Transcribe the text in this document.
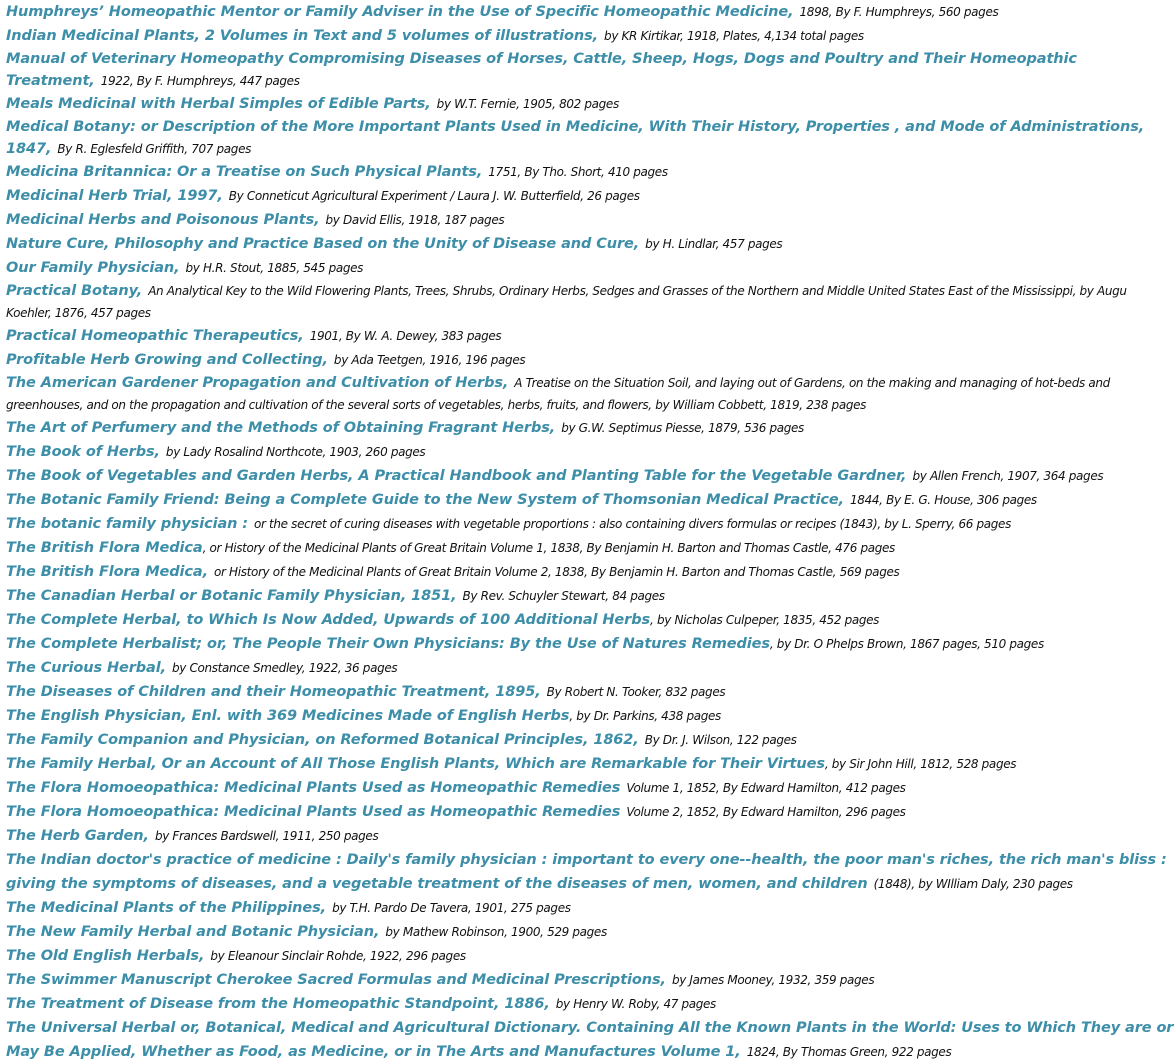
Humphreys’ Homeopathic Mentor or Family Adviser in the Use of Specific Homeopathic Medicine, 1898, By F. Humphreys, 560 pages
Indian Medicinal Plants, 2 Volumes in Text and 5 volumes of illustrations, by KR Kirtikar, 1918, Plates, 4,134 total pages
Manual of Veterinary Homeopathy Compromising Diseases of Horses, Cattle, Sheep, Hogs, Dogs and Poultry and Their Homeopathic Treatment, 1922, By F. Humphreys, 447 pages
Meals Medicinal with Herbal Simples of Edible Parts, by W.T. Fernie, 1905, 802 pages
Medical Botany: or Description of the More Important Plants Used in Medicine, With Their History, Properties , and Mode of Administrations, 1847, By R. Eglesfeld Griffith, 707 pages
Medicina Britannica: Or a Treatise on Such Physical Plants, 1751, By Tho. Short, 410 pages
Medicinal Herb Trial, 1997, By Conneticut Agricultural Experiment / Laura J. W. Butterfield, 26 pages
Medicinal Herbs and Poisonous Plants, by David Ellis, 1918, 187 pages
Nature Cure, Philosophy and Practice Based on the Unity of Disease and Cure, by H. Lindlar, 457 pages
Our Family Physician, by H.R. Stout, 1885, 545 pages
Practical Botany, An Analytical Key to the Wild Flowering Plants, Trees, Shrubs, Ordinary Herbs, Sedges and Grasses of the Northern and Middle United States East of the Mississippi, by Augu
Koehler, 1876, 457 pages
Practical Homeopathic Therapeutics, 1901, By W. A. Dewey, 383 pages
Profitable Herb Growing and Collecting, by Ada Teetgen, 1916, 196 pages
The American Gardener Propagation and Cultivation of Herbs, A Treatise on the Situation Soil, and laying out of Gardens, on the making and managing of hot-beds and greenhouses, and on the propagation and cultivation of the several sorts of vegetables, herbs, fruits, and flowers, by William Cobbett, 1819, 238 pages
The Art of Perfumery and the Methods of Obtaining Fragrant Herbs, by G.W. Septimus Piesse, 1879, 536 pages
The Book of Herbs, by Lady Rosalind Northcote, 1903, 260 pages
The Book of Vegetables and Garden Herbs, A Practical Handbook and Planting Table for the Vegetable Gardner, by Allen French, 1907, 364 pages
The Botanic Family Friend: Being a Complete Guide to the New System of Thomsonian Medical Practice, 1844, By E. G. House, 306 pages
The botanic family physician : or the secret of curing diseases with vegetable proportions : also containing divers formulas or recipes (1843), by L. Sperry, 66 pages
The British Flora Medica, or History of the Medicinal Plants of Great Britain Volume 1, 1838, By Benjamin H. Barton and Thomas Castle, 476 pages
The British Flora Medica, or History of the Medicinal Plants of Great Britain Volume 2, 1838, By Benjamin H. Barton and Thomas Castle, 569 pages
The Canadian Herbal or Botanic Family Physician, 1851, By Rev. Schuyler Stewart, 84 pages
The Complete Herbal, to Which Is Now Added, Upwards of 100 Additional Herbs, by Nicholas Culpeper, 1835, 452 pages
The Complete Herbalist; or, The People Their Own Physicians: By the Use of Natures Remedies, by Dr. O Phelps Brown, 1867 pages, 510 pages
The Curious Herbal, by Constance Smedley, 1922, 36 pages
The Diseases of Children and their Homeopathic Treatment, 1895, By Robert N. Tooker, 832 pages
The English Physician, Enl. with 369 Medicines Made of English Herbs, by Dr. Parkins, 438 pages
The Family Companion and Physician, on Reformed Botanical Principles, 1862, By Dr. J. Wilson, 122 pages
The Family Herbal, Or an Account of All Those English Plants, Which are Remarkable for Their Virtues, by Sir John Hill, 1812, 528 pages
The Flora Homoeopathica: Medicinal Plants Used as Homeopathic Remedies Volume 1, 1852, By Edward Hamilton, 412 pages
The Flora Homoeopathica: Medicinal Plants Used as Homeopathic Remedies Volume 2, 1852, By Edward Hamilton, 296 pages
The Herb Garden, by Frances Bardswell, 1911, 250 pages
The Indian doctor's practice of medicine : Daily's family physician : important to every one--health, the poor man's riches, the rich man's bliss : giving the symptoms of diseases, and a vegetable treatment of the diseases of men, women, and children (1848), by WIlliam Daly, 230 pages
The Medicinal Plants of the Philippines, by T.H. Pardo De Tavera, 1901, 275 pages
The New Family Herbal and Botanic Physician, by Mathew Robinson, 1900, 529 pages
The Old English Herbals, by Eleanour Sinclair Rohde, 1922, 296 pages
The Swimmer Manuscript Cherokee Sacred Formulas and Medicinal Prescriptions, by James Mooney, 1932, 359 pages
The Treatment of Disease from the Homeopathic Standpoint, 1886, by Henry W. Roby, 47 pages
The Universal Herbal or, Botanical, Medical and Agricultural Dictionary. Containing All the Known Plants in the World: Uses to Which They are or May Be Applied, Whether as Food, as Medicine, or in The Arts and Manufactures Volume 1, 1824, By Thomas Green, 922 pages
